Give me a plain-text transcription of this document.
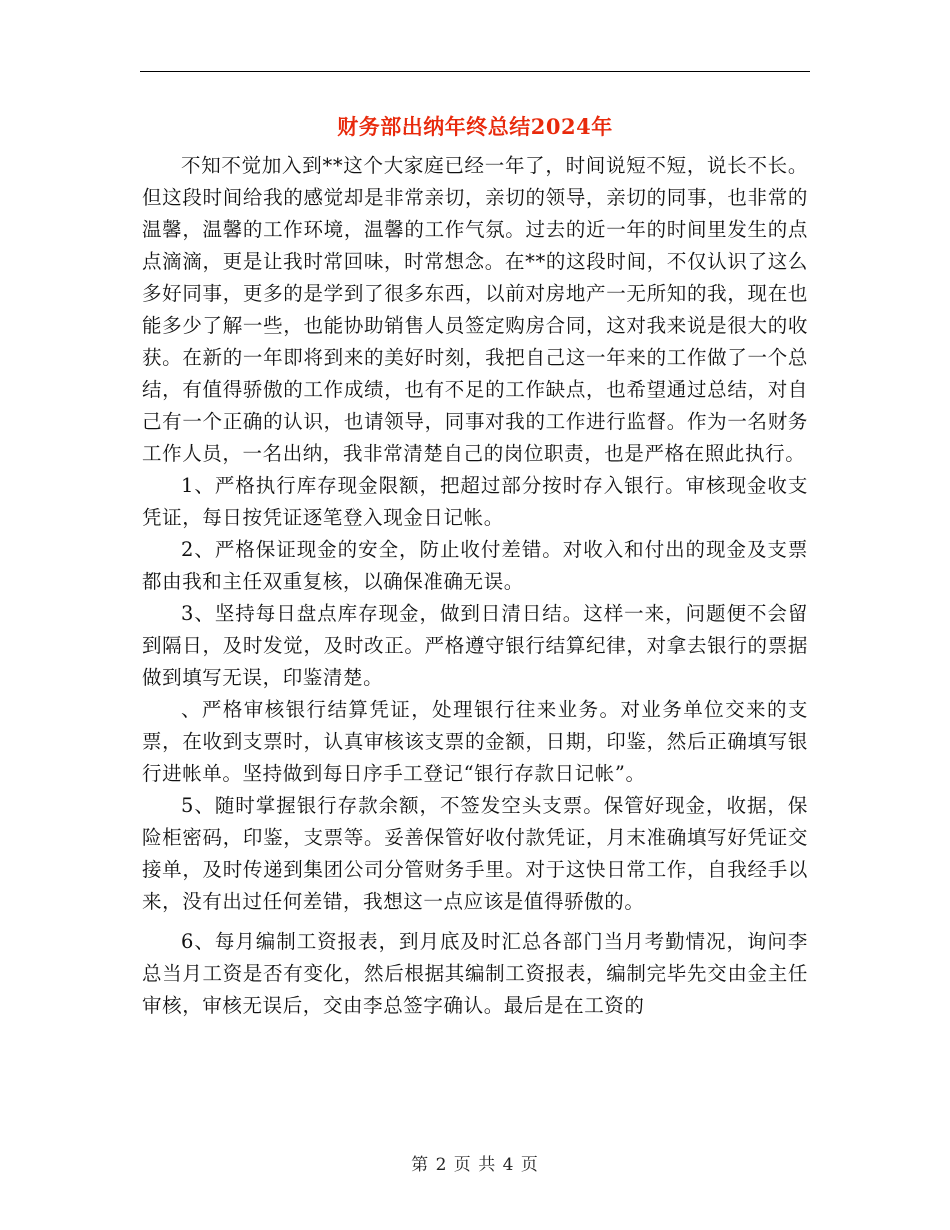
财务部出纳年终总结2024年

不知不觉加入到**这个大家庭已经一年了，时间说短不短，说长不长。但这段时间给我的感觉却是非常亲切，亲切的领导，亲切的同事，也非常的温馨，温馨的工作环境，温馨的工作气氛。过去的近一年的时间里发生的点点滴滴，更是让我时常回味，时常想念。在**的这段时间，不仅认识了这么多好同事，更多的是学到了很多东西，以前对房地产一无所知的我，现在也能多少了解一些，也能协助销售人员签定购房合同，这对我来说是很大的收获。在新的一年即将到来的美好时刻，我把自己这一年来的工作做了一个总结，有值得骄傲的工作成绩，也有不足的工作缺点，也希望通过总结，对自己有一个正确的认识，也请领导，同事对我的工作进行监督。作为一名财务工作人员，一名出纳，我非常清楚自己的岗位职责，也是严格在照此执行。

1、严格执行库存现金限额，把超过部分按时存入银行。审核现金收支凭证，每日按凭证逐笔登入现金日记帐。

2、严格保证现金的安全，防止收付差错。对收入和付出的现金及支票都由我和主任双重复核，以确保准确无误。

3、坚持每日盘点库存现金，做到日清日结。这样一来，问题便不会留到隔日，及时发觉，及时改正。严格遵守银行结算纪律，对拿去银行的票据做到填写无误，印鉴清楚。

、严格审核银行结算凭证，处理银行往来业务。对业务单位交来的支票，在收到支票时，认真审核该支票的金额，日期，印鉴，然后正确填写银行进帐单。坚持做到每日序手工登记“银行存款日记帐”。

5、随时掌握银行存款余额，不签发空头支票。保管好现金，收据，保险柜密码，印鉴，支票等。妥善保管好收付款凭证，月末准确填写好凭证交接单，及时传递到集团公司分管财务手里。对于这快日常工作，自我经手以来，没有出过任何差错，我想这一点应该是值得骄傲的。

6、每月编制工资报表，到月底及时汇总各部门当月考勤情况，询问李总当月工资是否有变化，然后根据其编制工资报表，编制完毕先交由金主任审核，审核无误后，交由李总签字确认。最后是在工资的

第 2 页 共 4 页
